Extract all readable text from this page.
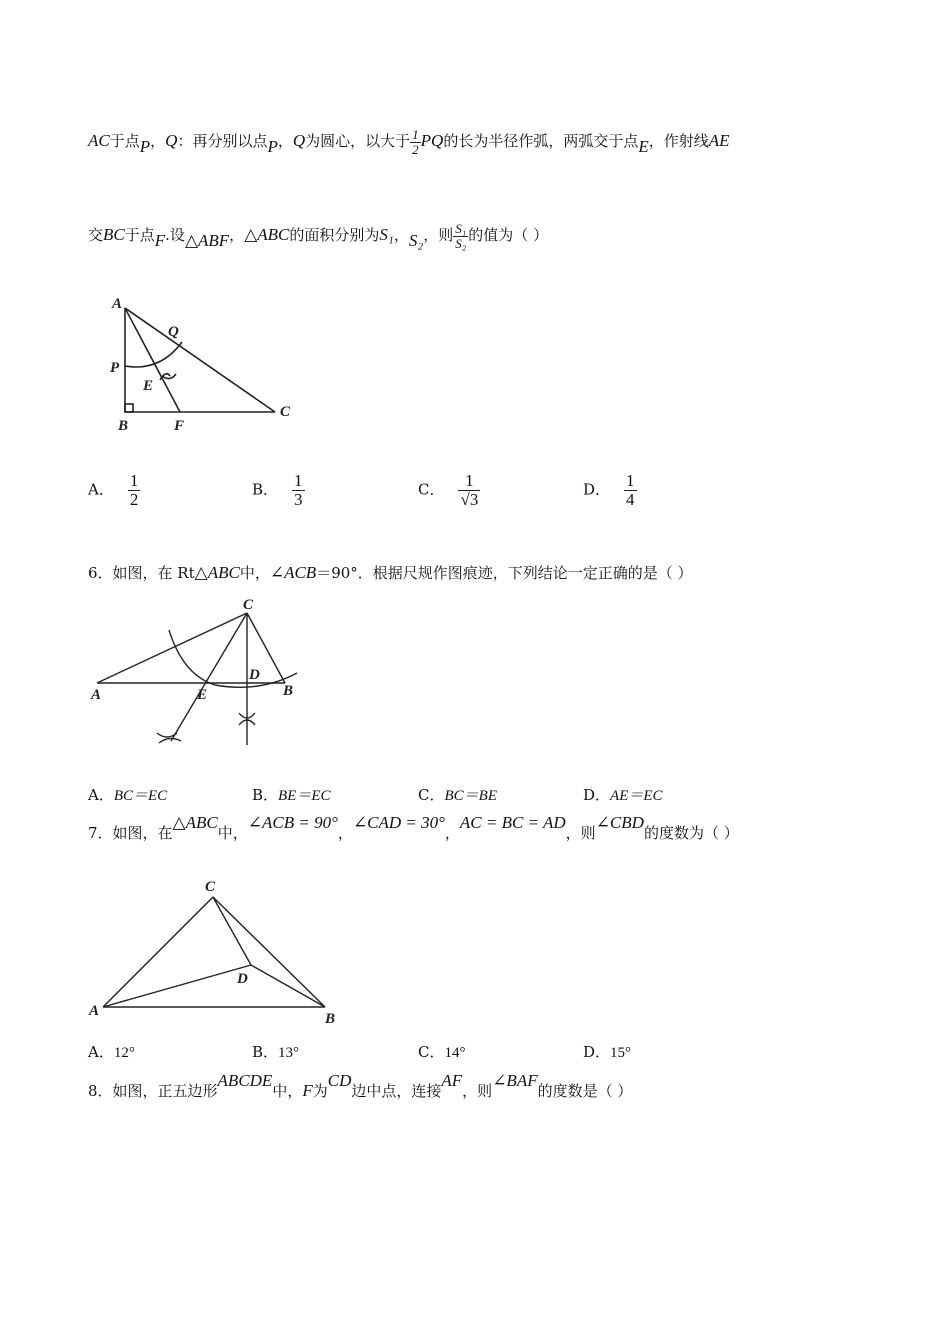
AC于点P，Q：再分别以点P，Q为圆心，以大于 $\frac{1}{2}$ PQ的长为半径作弧，两弧交于点E，作射线AE
交BC于点F.设△ABF，△ABC的面积分别为S₁，S₂，则 $\frac{\text{S₁}}{\text{S₂}}$ 的值为（ ）
A
Q
P
E
C
B	F
A． $\frac{1}{2}$	B． $\frac{1}{3}$	C． $\frac{1}{√3}$	D． $\frac{1}{4}$
6．如图，在 Rt△ABC中，∠ACB＝90°．根据尺规作图痕迹，下列结论一定正确的是（ ）
C
D
A	E	B
A．BC＝EC	B．BE＝EC	C．BC＝BE	D．AE＝EC
7．如图，在△ABC中，∠ACB = 90°，∠CAD = 30°，AC = BC = AD，则∠CBD的度数为（ ）
C
D
A	B
A．12°	B．13°	C．14°	D．15°
8．如图，正五边形ABCDE中，F为CD边中点，连接AF，则∠BAF的度数是（ ）
